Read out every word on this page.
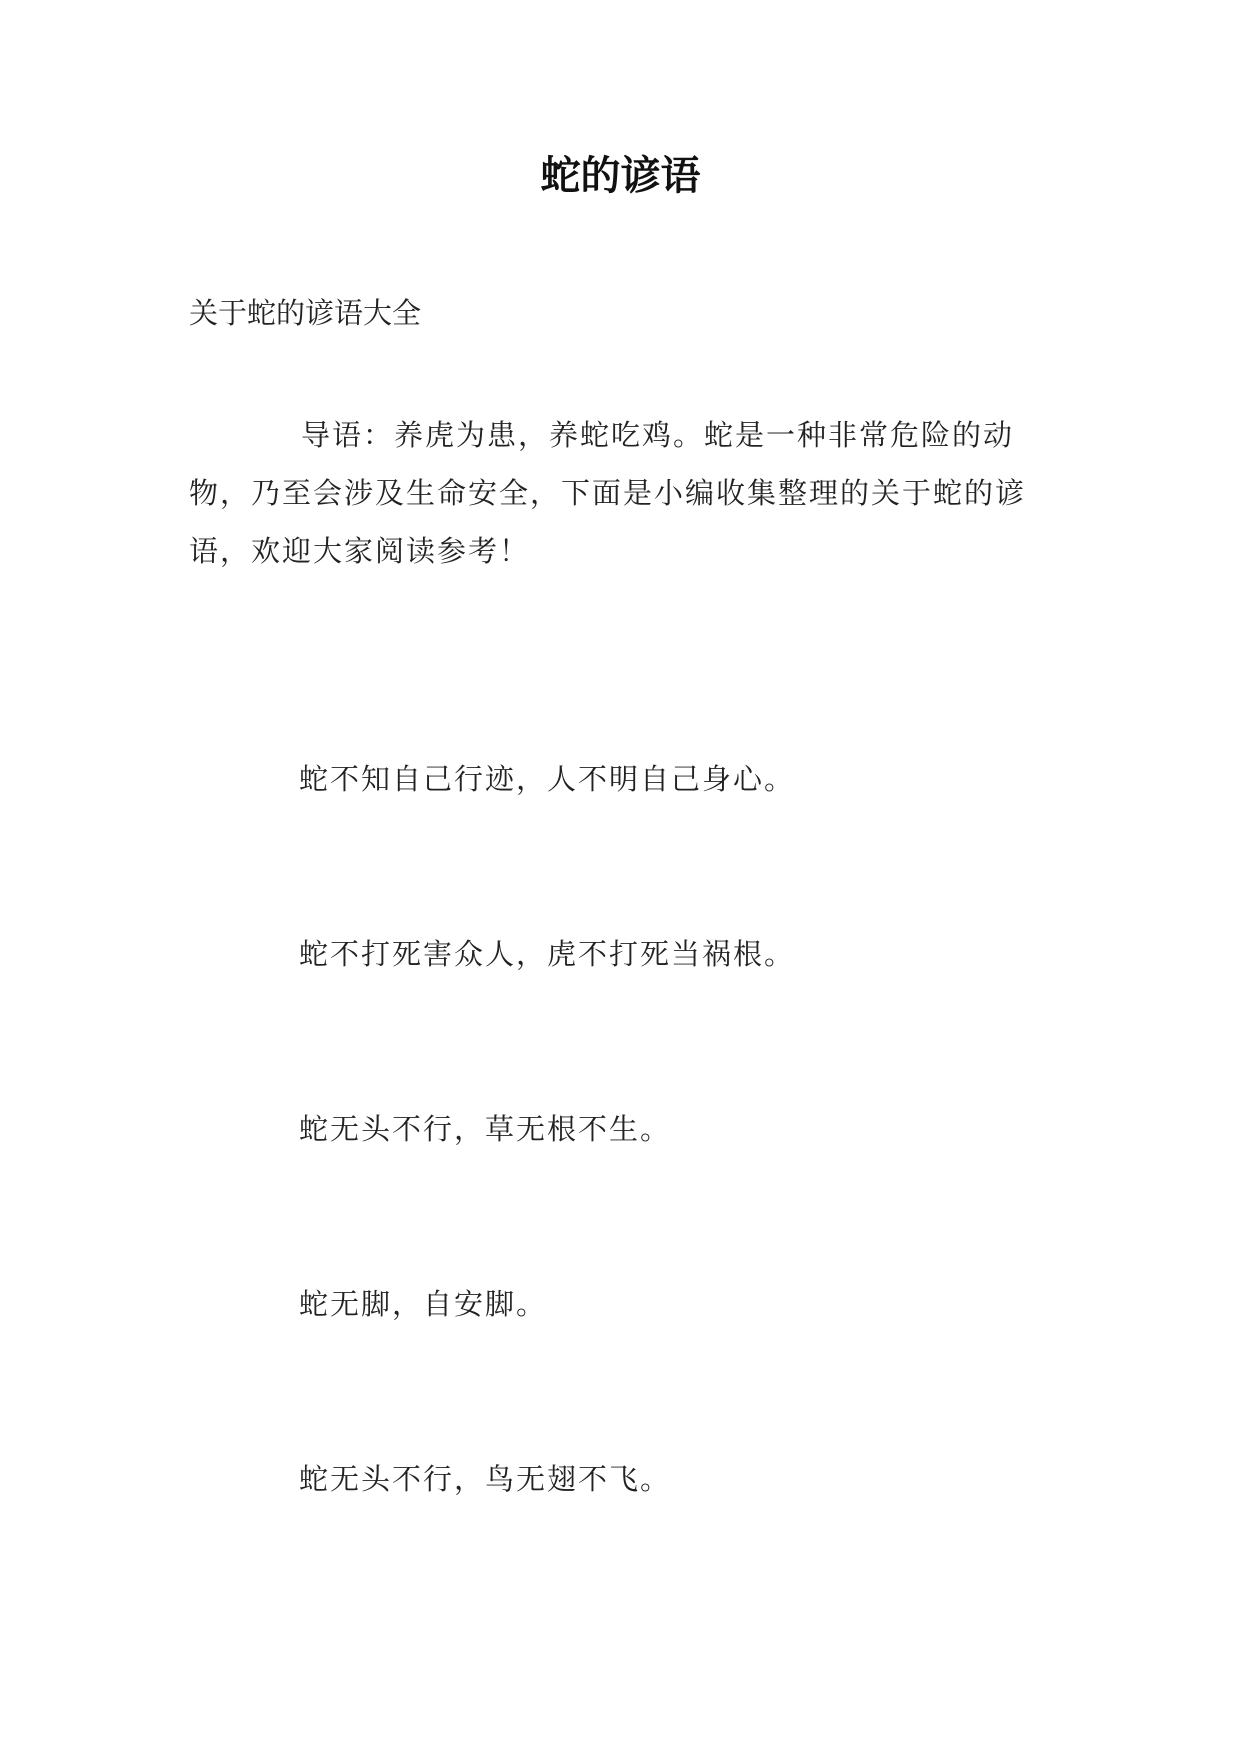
蛇的谚语
关于蛇的谚语大全

导语：养虎为患，养蛇吃鸡。蛇是一种非常危险的动物，乃至会涉及生命安全，下面是小编收集整理的关于蛇的谚语，欢迎大家阅读参考！

蛇不知自己行迹，人不明自己身心。
蛇不打死害众人，虎不打死当祸根。
蛇无头不行，草无根不生。
蛇无脚，自安脚。
蛇无头不行，鸟无翅不飞。
